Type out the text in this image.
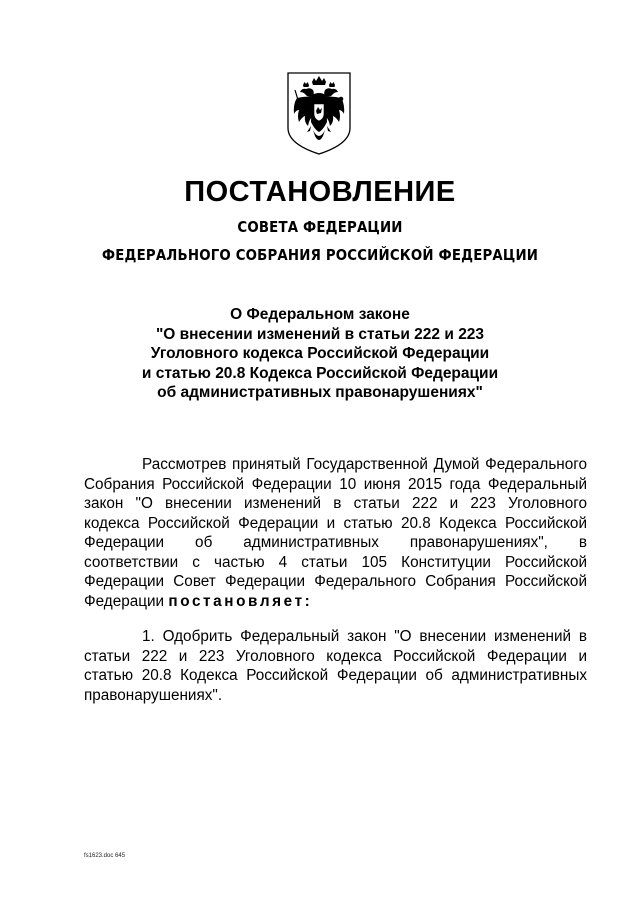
ПОСТАНОВЛЕНИЕ
СОВЕТА ФЕДЕРАЦИИ
ФЕДЕРАЛЬНОГО СОБРАНИЯ РОССИЙСКОЙ ФЕДЕРАЦИИ
О Федеральном законе
"О внесении изменений в статьи 222 и 223
Уголовного кодекса Российской Федерации
и статью 20.8 Кодекса Российской Федерации
об административных правонарушениях"
Рассмотрев принятый Государственной Думой Федерального
Собрания Российской Федерации 10 июня 2015 года Федеральный
закон "О внесении изменений в статьи 222 и 223 Уголовного
кодекса Российской Федерации и статью 20.8 Кодекса Российской
Федерации об административных правонарушениях", в
соответствии с частью 4 статьи 105 Конституции Российской
Федерации Совет Федерации Федерального Собрания Российской
Федерации постановляет:
1. Одобрить Федеральный закон "О внесении изменений в
статьи 222 и 223 Уголовного кодекса Российской Федерации и
статью 20.8 Кодекса Российской Федерации об административных
правонарушениях".
fs1623.doc 645
